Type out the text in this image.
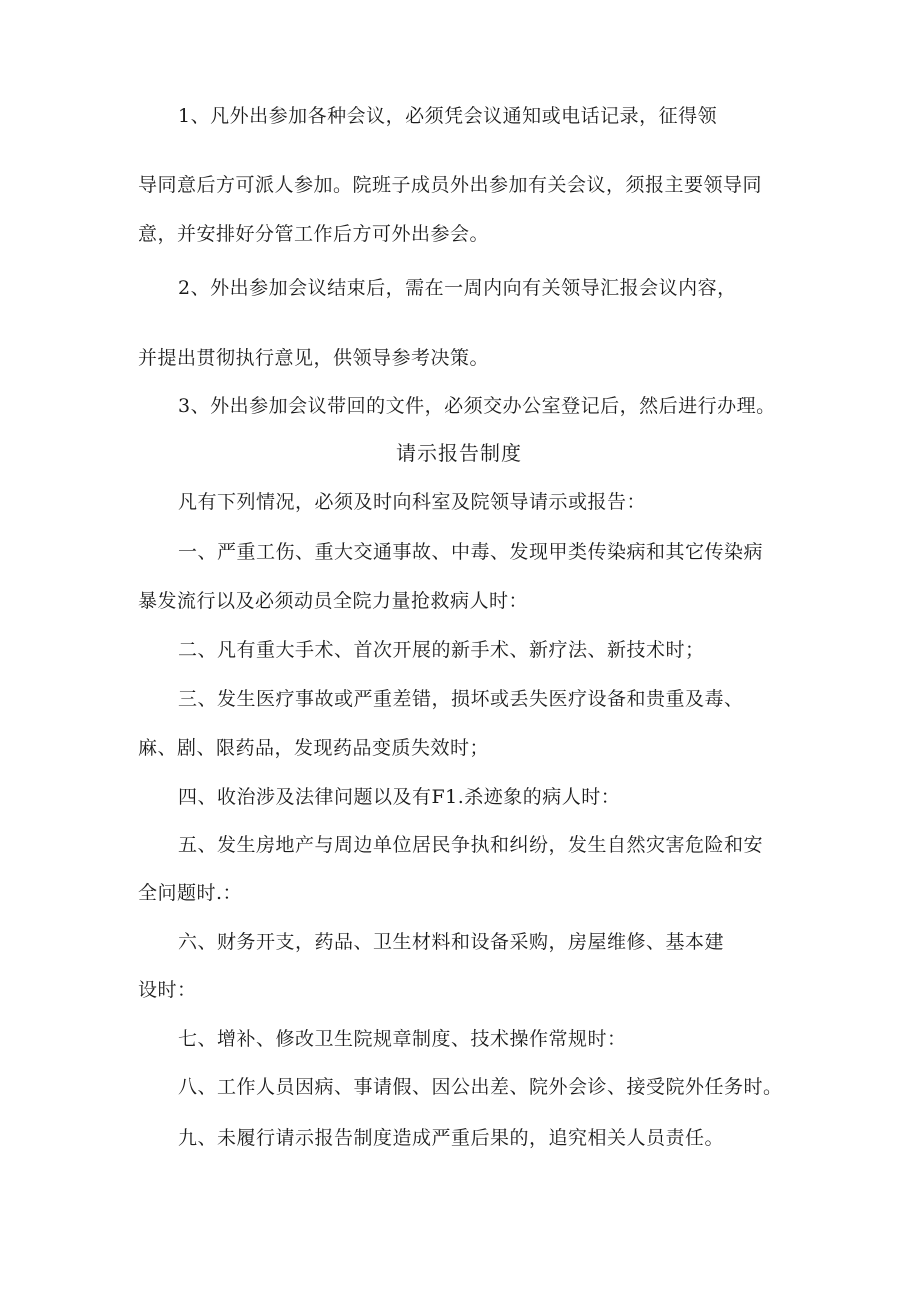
1、凡外出参加各种会议，必须凭会议通知或电话记录，征得领
导同意后方可派人参加。院班子成员外出参加有关会议，须报主要领导同
意，并安排好分管工作后方可外出参会。
2、外出参加会议结束后，需在一周内向有关领导汇报会议内容，
并提出贯彻执行意见，供领导参考决策。
3、外出参加会议带回的文件，必须交办公室登记后，然后进行办理。
请示报告制度
凡有下列情况，必须及时向科室及院领导请示或报告：
一、严重工伤、重大交通事故、中毒、发现甲类传染病和其它传染病
暴发流行以及必须动员全院力量抢救病人时：
二、凡有重大手术、首次开展的新手术、新疗法、新技术时；
三、发生医疗事故或严重差错，损坏或丢失医疗设备和贵重及毒、
麻、剧、限药品，发现药品变质失效时；
四、收治涉及法律问题以及有F1.杀迹象的病人时：
五、发生房地产与周边单位居民争执和纠纷，发生自然灾害危险和安
全问题时.：
六、财务开支，药品、卫生材料和设备采购，房屋维修、基本建
设时：
七、增补、修改卫生院规章制度、技术操作常规时：
八、工作人员因病、事请假、因公出差、院外会诊、接受院外任务时。
九、未履行请示报告制度造成严重后果的，追究相关人员责任。
